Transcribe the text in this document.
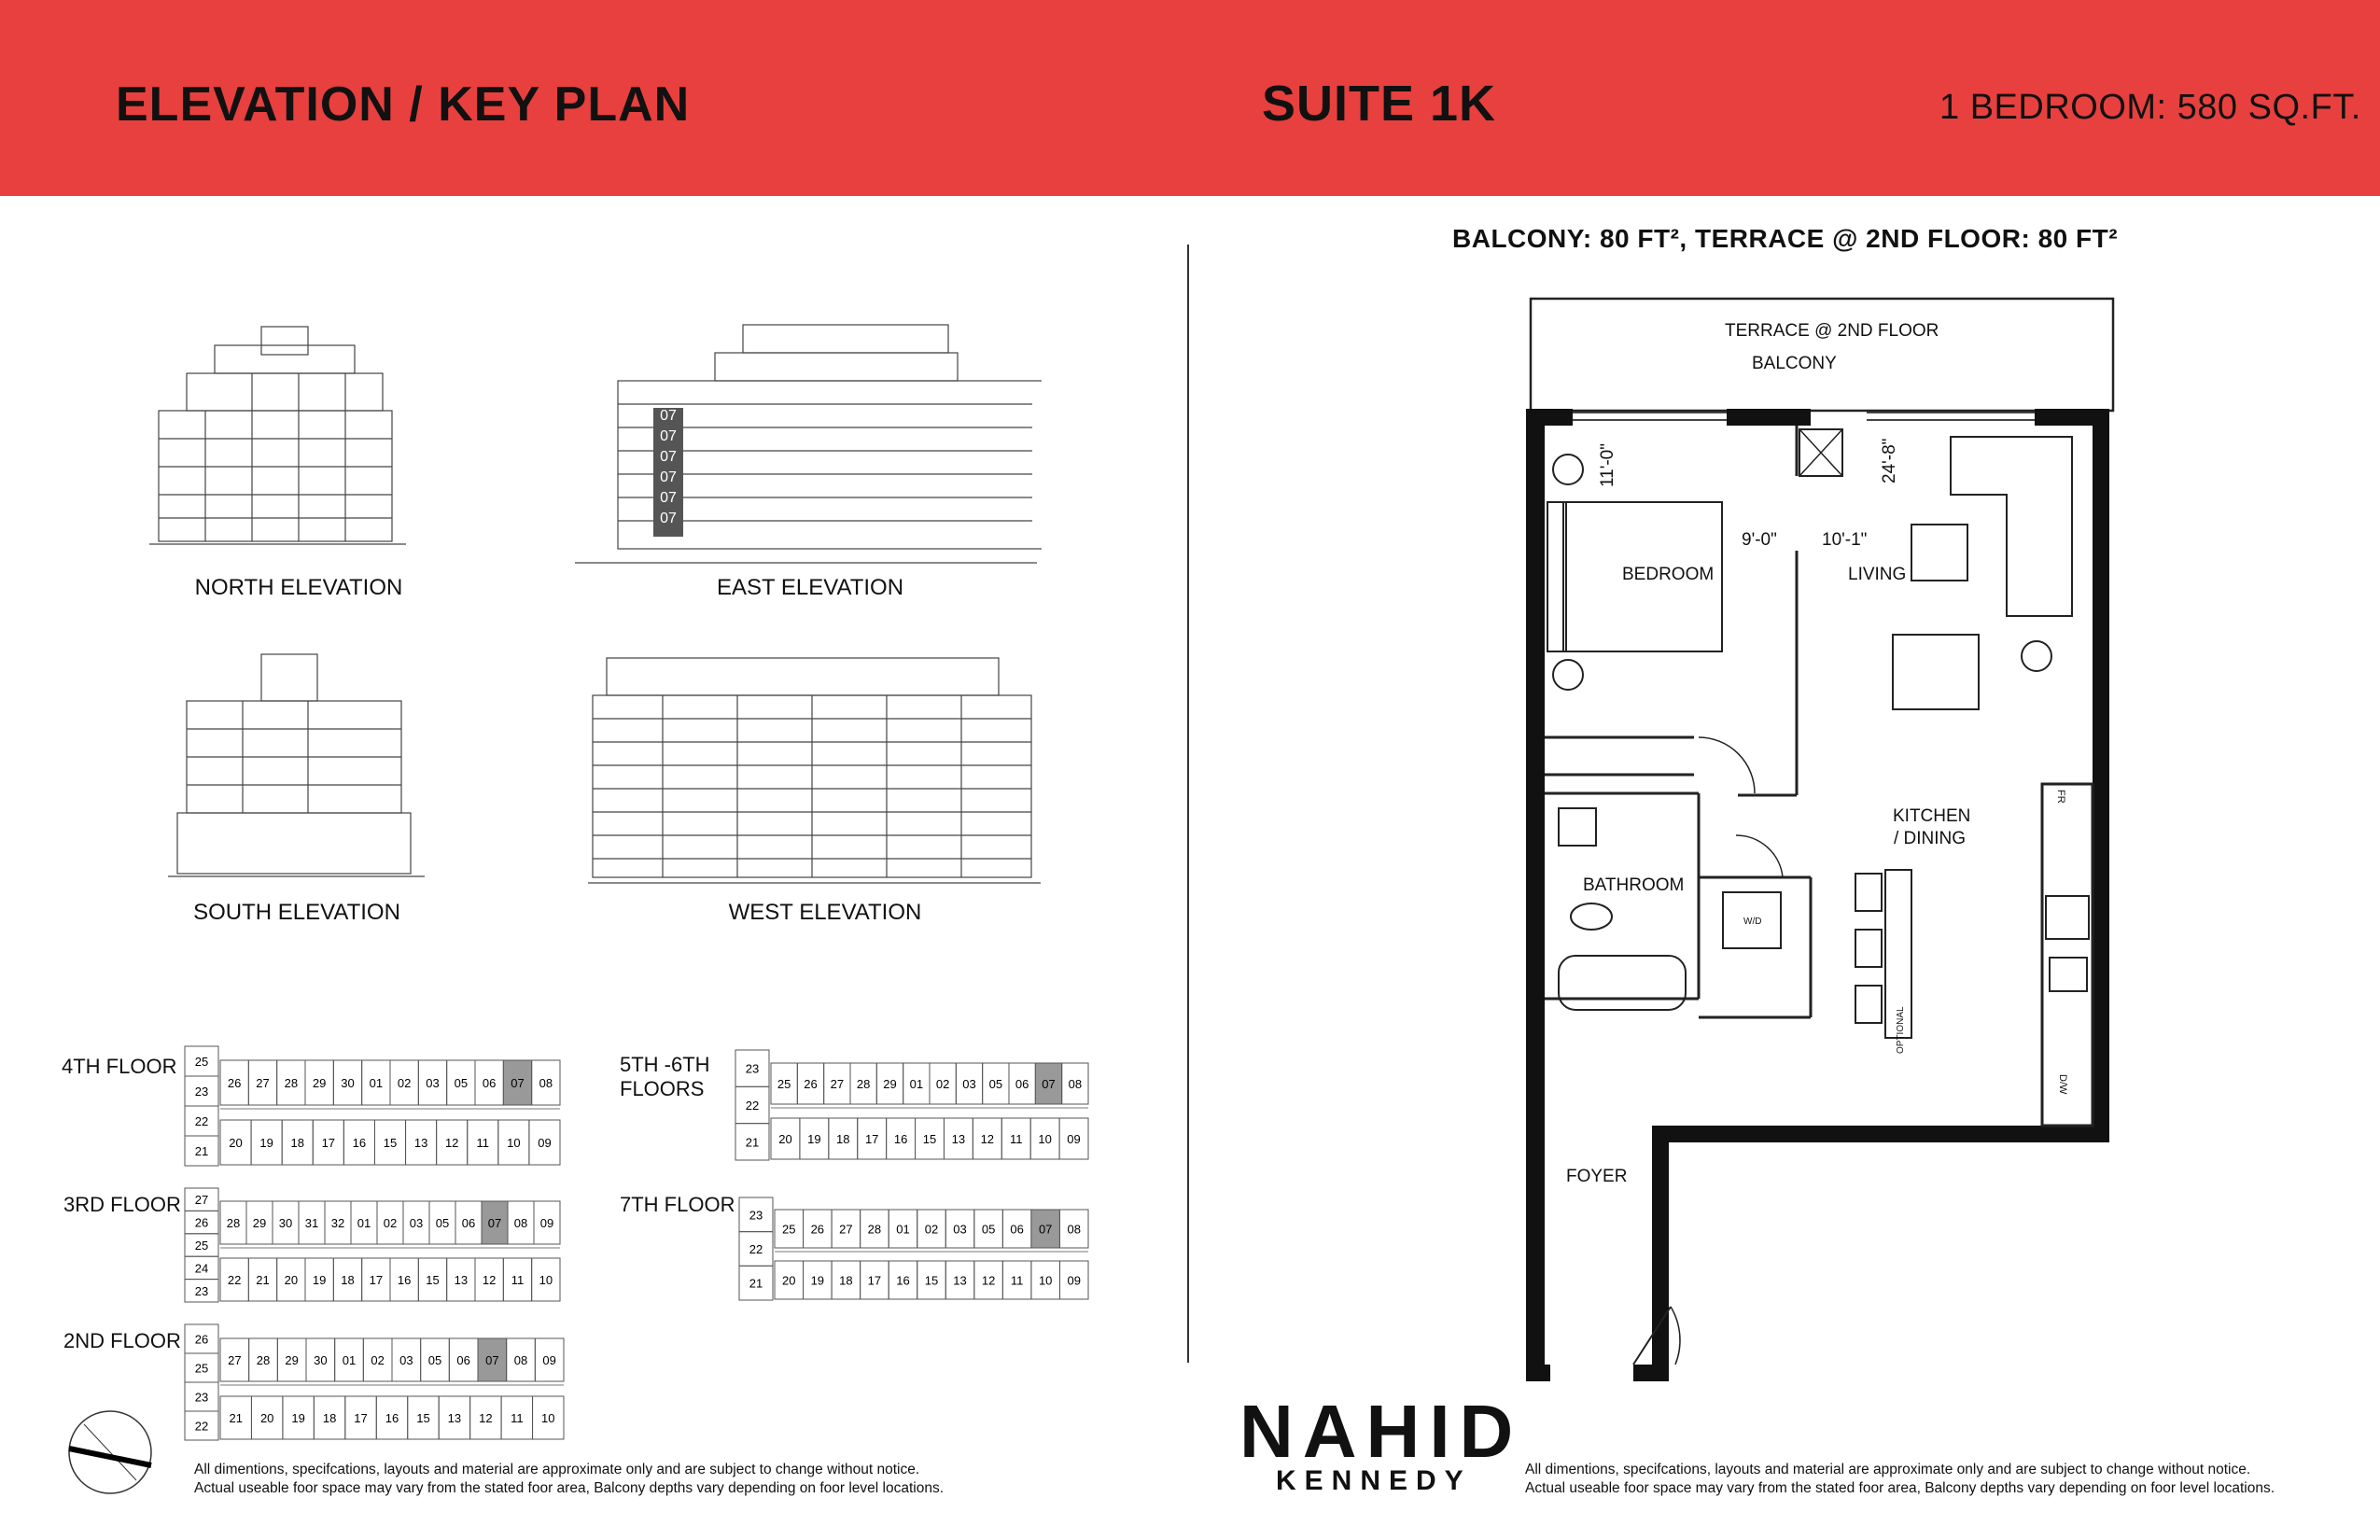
ELEVATION / KEY PLAN	SUITE 1K	1 BEDROOM: 580 SQ.FT.
NORTH ELEVATION
07
07
07
07
07
07
EAST ELEVATION
SOUTH ELEVATION	WEST ELEVATION
4TH FLOOR 25
23
22
21
26 27 28 29 30 01 02 03 05 06 07 08
20 19 18 17 16 15 13 12 11 10 09
5TH -6TH
FLOORS
23
22
21
25 26 27 28 29 01 02 03 05 06 07 08
20 19 18 17 16 15 13 12 11 10 09
3RD FLOOR 27
26
25
24
23
28 29 30 31 32 01 02 03 05 06 07 08 09
22 21 20 19 18 17 16 15 13 12 11 10
7TH FLOOR 23
22
21
25 26 27 28 01 02 03 05 06 07 08
20 19 18 17 16 15 13 12 11 10 09
2ND FLOOR 26
25
23
22
27 28 29 30 01 02 03 05 06 07 08 09
21 20 19 18 17 16 15 13 12 11 10
All dimentions, specifcations, layouts and material are approximate only and are subject to change without notice.
Actual useable foor space may vary from the stated foor area, Balcony depths vary depending on foor level locations.
BALCONY: 80 FT², TERRACE @ 2ND FLOOR: 80 FT²
TERRACE @ 2ND FLOOR
BALCONY
BEDROOM	LIVING
KITCHEN
/ DINING
BATHROOM
FOYER
W/D
FR
D/W
OPTIONAL
11'-0"
9'-0"
24'-8"
10'-1"
NAHID
KENNEDY	All dimentions, specifcations, layouts and material are approximate only and are subject to change without notice.
Actual useable foor space may vary from the stated foor area, Balcony depths vary depending on foor level locations.
